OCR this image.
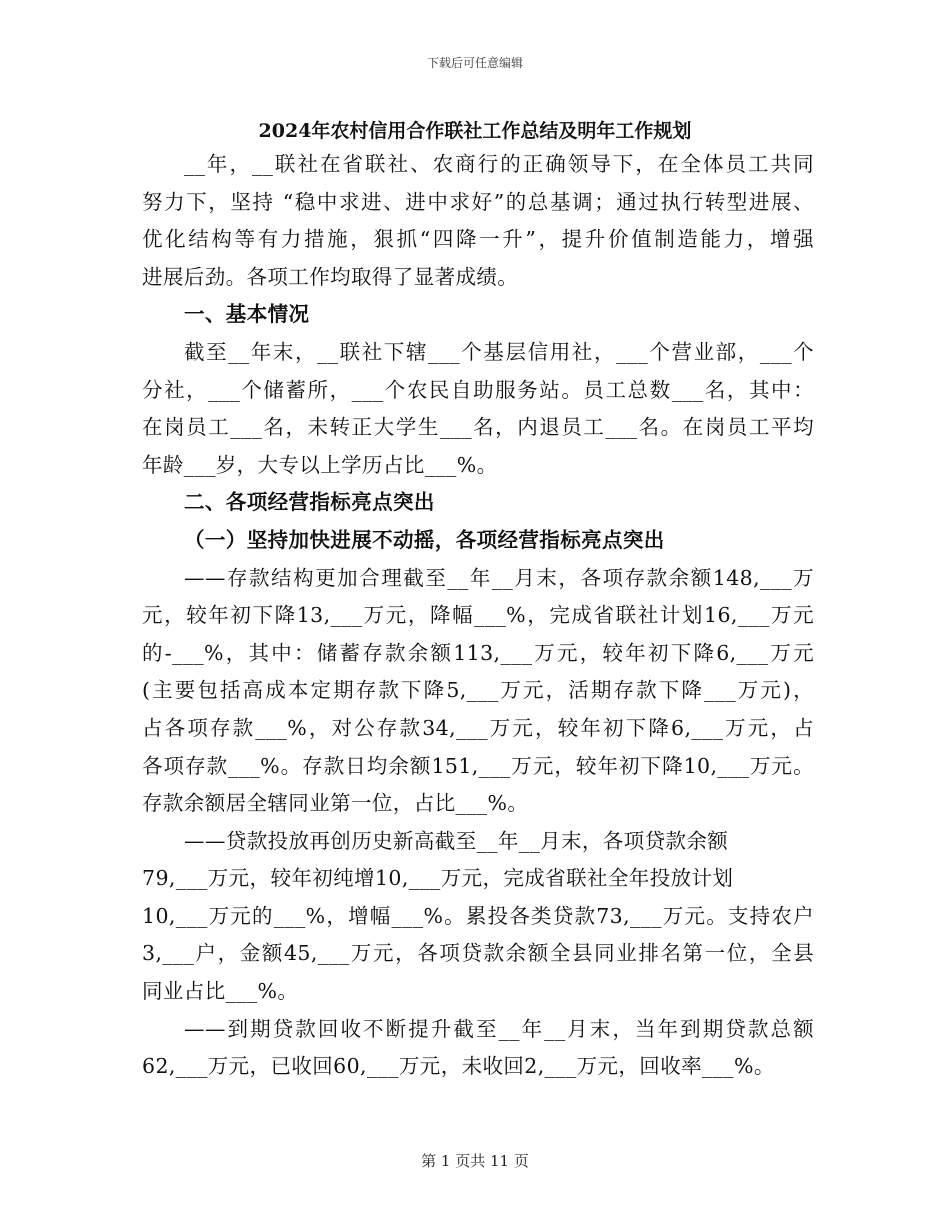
下载后可任意编辑
2024年农村信用合作联社工作总结及明年工作规划

__年，__联社在省联社、农商行的正确领导下，在全体员工共同

努力下，坚持 “稳中求进、进中求好”的总基调；通过执行转型进展、

优化结构等有力措施，狠抓“四降一升”，提升价值制造能力，增强

进展后劲。各项工作均取得了显著成绩。

一、基本情况

截至__年末，__联社下辖___个基层信用社，___个营业部，___个

分社，___个储蓄所，___个农民自助服务站。员工总数___名，其中：

在岗员工___名，未转正大学生___名，内退员工___名。在岗员工平均

年龄___岁，大专以上学历占比___%。

二、各项经营指标亮点突出

（一）坚持加快进展不动摇，各项经营指标亮点突出

——存款结构更加合理截至__年__月末，各项存款余额148,___万

元，较年初下降13,___万元，降幅___%，完成省联社计划16,___万元

的-___%，其中：储蓄存款余额113,___万元，较年初下降6,___万元

(主要包括高成本定期存款下降5,___万元，活期存款下降___万元)，

占各项存款___%，对公存款34,___万元，较年初下降6,___万元，占

各项存款___%。存款日均余额151,___万元，较年初下降10,___万元。

存款余额居全辖同业第一位，占比___%。

——贷款投放再创历史新高截至__年__月末，各项贷款余额

79,___万元，较年初纯增10,___万元，完成省联社全年投放计划

10,___万元的___%，增幅___%。累投各类贷款73,___万元。支持农户

3,___户，金额45,___万元，各项贷款余额全县同业排名第一位，全县

同业占比___%。

——到期贷款回收不断提升截至__年__月末，当年到期贷款总额

62,___万元，已收回60,___万元，未收回2,___万元，回收率___%。

第 1 页共 11 页
